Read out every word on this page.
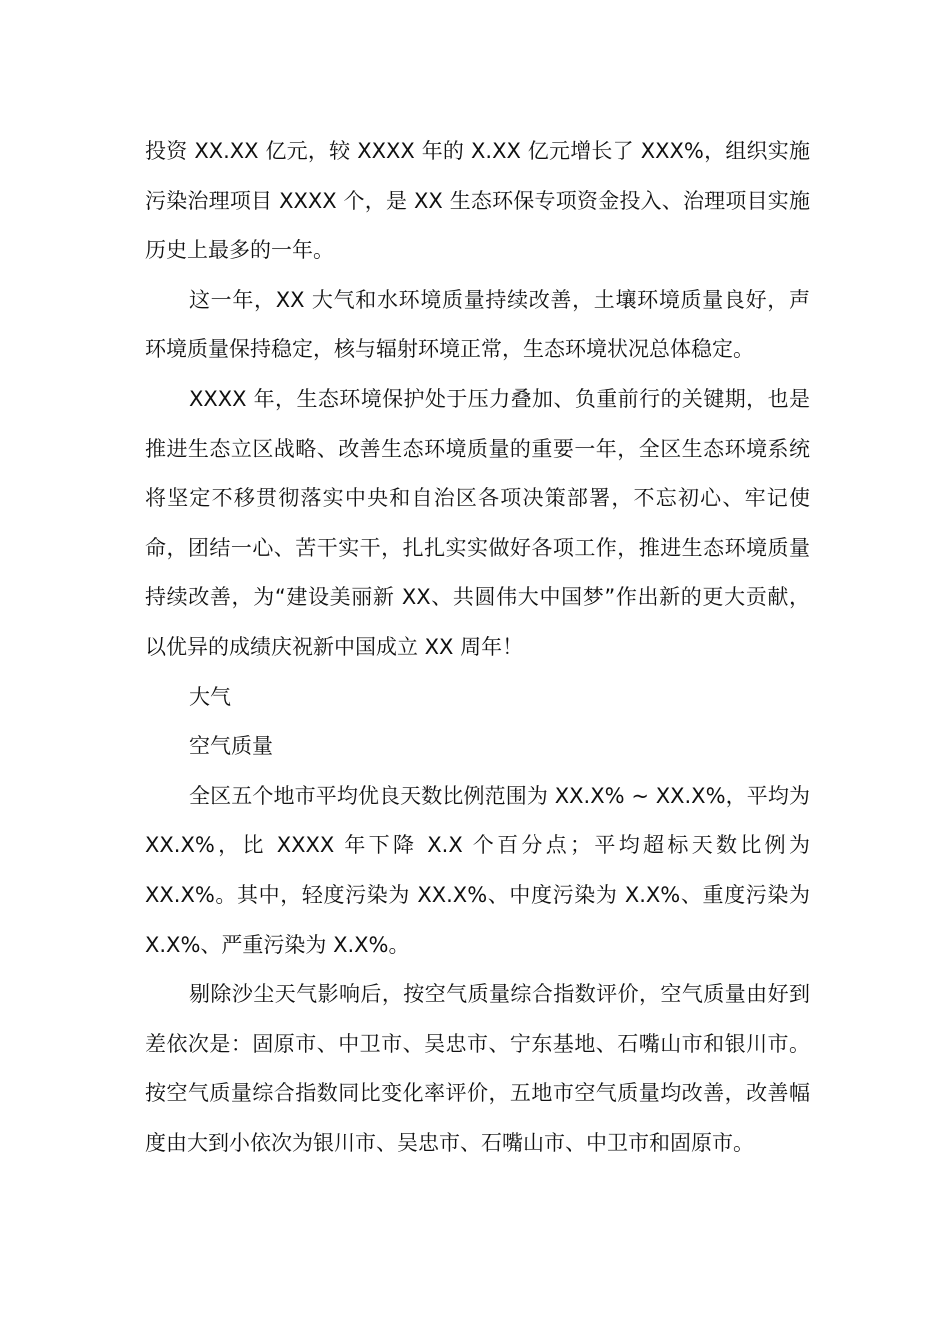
投资 XX.XX 亿元，较 XXXX 年的 X.XX 亿元增长了 XXX%，组织实施污染治理项目 XXXX 个，是 XX 生态环保专项资金投入、治理项目实施历史上最多的一年。

这一年，XX 大气和水环境质量持续改善，土壤环境质量良好，声环境质量保持稳定，核与辐射环境正常，生态环境状况总体稳定。

XXXX 年，生态环境保护处于压力叠加、负重前行的关键期，也是推进生态立区战略、改善生态环境质量的重要一年，全区生态环境系统将坚定不移贯彻落实中央和自治区各项决策部署，不忘初心、牢记使命，团结一心、苦干实干，扎扎实实做好各项工作，推进生态环境质量持续改善，为“建设美丽新 XX、共圆伟大中国梦”作出新的更大贡献，以优异的成绩庆祝新中国成立 XX 周年！

大气

空气质量

全区五个地市平均优良天数比例范围为 XX.X% ~ XX.X%，平均为 XX.X%，比 XXXX 年下降 X.X 个百分点；平均超标天数比例为 XX.X%。其中，轻度污染为 XX.X%、中度污染为 X.X%、重度污染为 X.X%、严重污染为 X.X%。

剔除沙尘天气影响后，按空气质量综合指数评价，空气质量由好到差依次是：固原市、中卫市、吴忠市、宁东基地、石嘴山市和银川市。按空气质量综合指数同比变化率评价，五地市空气质量均改善，改善幅度由大到小依次为银川市、吴忠市、石嘴山市、中卫市和固原市。
